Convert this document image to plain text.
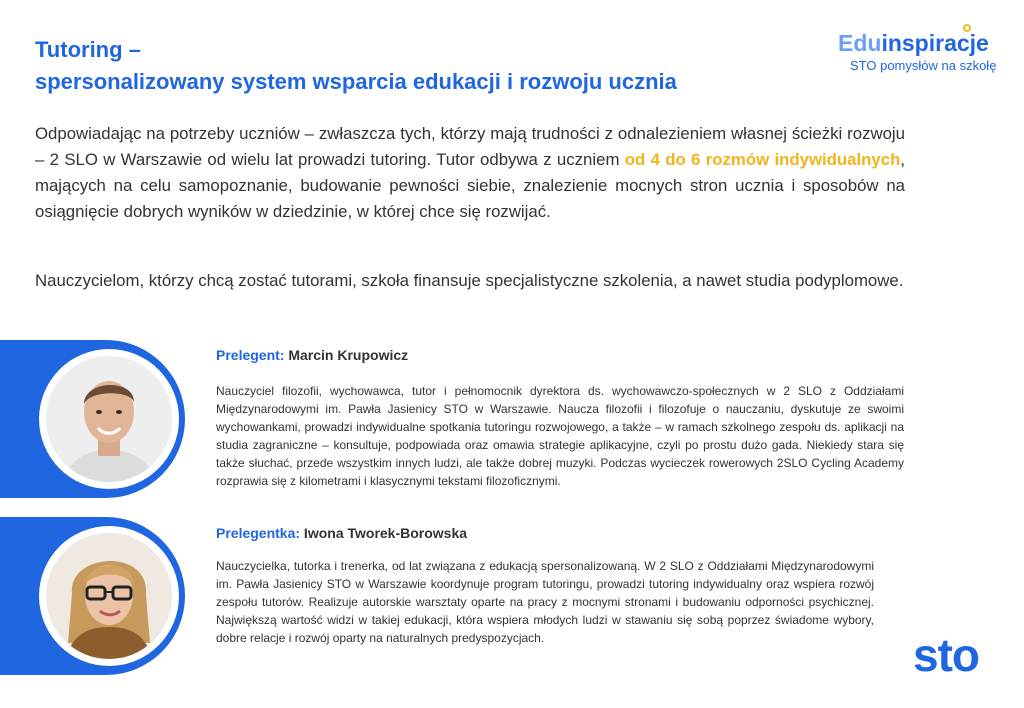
Tutoring –
spersonalizowany system wsparcia edukacji i rozwoju ucznia
Eduinspiracje
STO pomysłów na szkołę
Odpowiadając na potrzeby uczniów – zwłaszcza tych, którzy mają trudności z odnalezieniem własnej ścieżki rozwoju – 2 SLO w Warszawie od wielu lat prowadzi tutoring. Tutor odbywa z uczniem od 4 do 6 rozmów indywidualnych, mających na celu samopoznanie, budowanie pewności siebie, znalezienie mocnych stron ucznia i sposobów na osiągnięcie dobrych wyników w dziedzinie, w której chce się rozwijać.
Nauczycielom, którzy chcą zostać tutorami, szkoła finansuje specjalistyczne szkolenia, a nawet studia podyplomowe.
Prelegent: Marcin Krupowicz
Nauczyciel filozofii, wychowawca, tutor i pełnomocnik dyrektora ds. wychowawczo-społecznych w 2 SLO z Oddziałami Międzynarodowymi im. Pawła Jasienicy STO w Warszawie. Naucza filozofii i filozofuje o nauczaniu, dyskutuje ze swoimi wychowankami, prowadzi indywidualne spotkania tutoringu rozwojowego, a także – w ramach szkolnego zespołu ds. aplikacji na studia zagraniczne – konsultuje, podpowiada oraz omawia strategie aplikacyjne, czyli po prostu dużo gada. Niekiedy stara się także słuchać, przede wszystkim innych ludzi, ale także dobrej muzyki. Podczas wycieczek rowerowych 2SLO Cycling Academy rozprawia się z kilometrami i klasycznymi tekstami filozoficznymi.
Prelegentka: Iwona Tworek-Borowska
Nauczycielka, tutorka i trenerka, od lat związana z edukacją spersonalizowaną. W 2 SLO z Oddziałami Międzynarodowymi im. Pawła Jasienicy STO w Warszawie koordynuje program tutoringu, prowadzi tutoring indywidualny oraz wspiera rozwój zespołu tutorów. Realizuje autorskie warsztaty oparte na pracy z mocnymi stronami i budowaniu odporności psychicznej. Największą wartość widzi w takiej edukacji, która wspiera młodych ludzi w stawaniu się sobą poprzez świadome wybory, dobre relacje i rozwój oparty na naturalnych predyspozycjach.	sto
